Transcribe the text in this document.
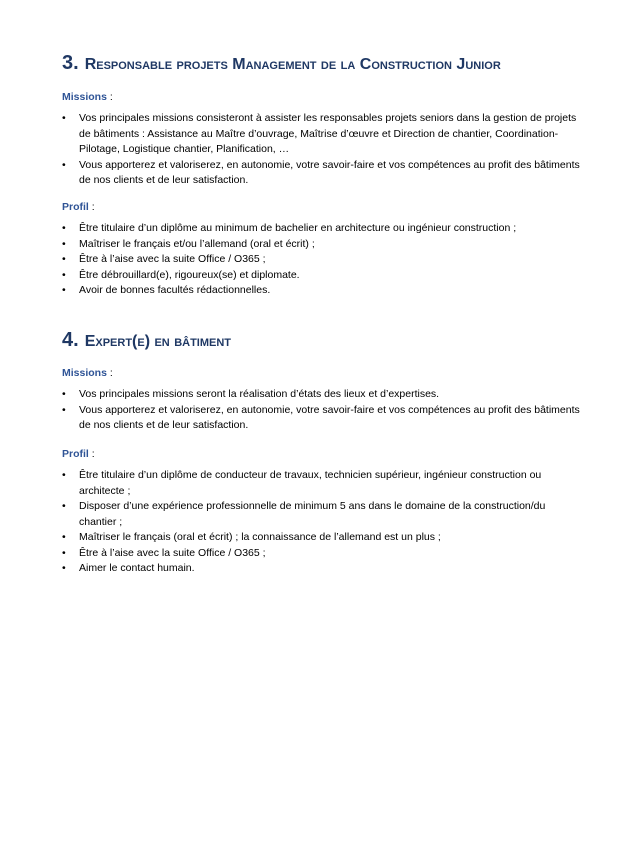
3. Responsable projets Management de la Construction Junior

Missions :

•	Vos principales missions consisteront à assister les responsables projets seniors dans la gestion de projets de bâtiments : Assistance au Maître d’ouvrage, Maîtrise d’œuvre et Direction de chantier, Coordination-Pilotage, Logistique chantier, Planification, …
•	Vous apporterez et valoriserez, en autonomie, votre savoir-faire et vos compétences au profit des bâtiments de nos clients et de leur satisfaction.

Profil :

•	Être titulaire d’un diplôme au minimum de bachelier en architecture ou ingénieur construction ;
•	Maîtriser le français et/ou l’allemand (oral et écrit) ;
•	Être à l’aise avec la suite Office / O365 ;
•	Être débrouillard(e), rigoureux(se) et diplomate.
•	Avoir de bonnes facultés rédactionnelles.
4. Expert(e) en bâtiment

Missions :

•	Vos principales missions seront la réalisation d’états des lieux et d’expertises.
•	Vous apporterez et valoriserez, en autonomie, votre savoir-faire et vos compétences au profit des bâtiments de nos clients et de leur satisfaction.

Profil :

•	Être titulaire d’un diplôme de conducteur de travaux, technicien supérieur, ingénieur construction ou architecte ;
•	Disposer d’une expérience professionnelle de minimum 5 ans dans le domaine de la construction/du chantier ;
•	Maîtriser le français (oral et écrit) ; la connaissance de l’allemand est un plus ;
•	Être à l’aise avec la suite Office / O365 ;
•	Aimer le contact humain.
